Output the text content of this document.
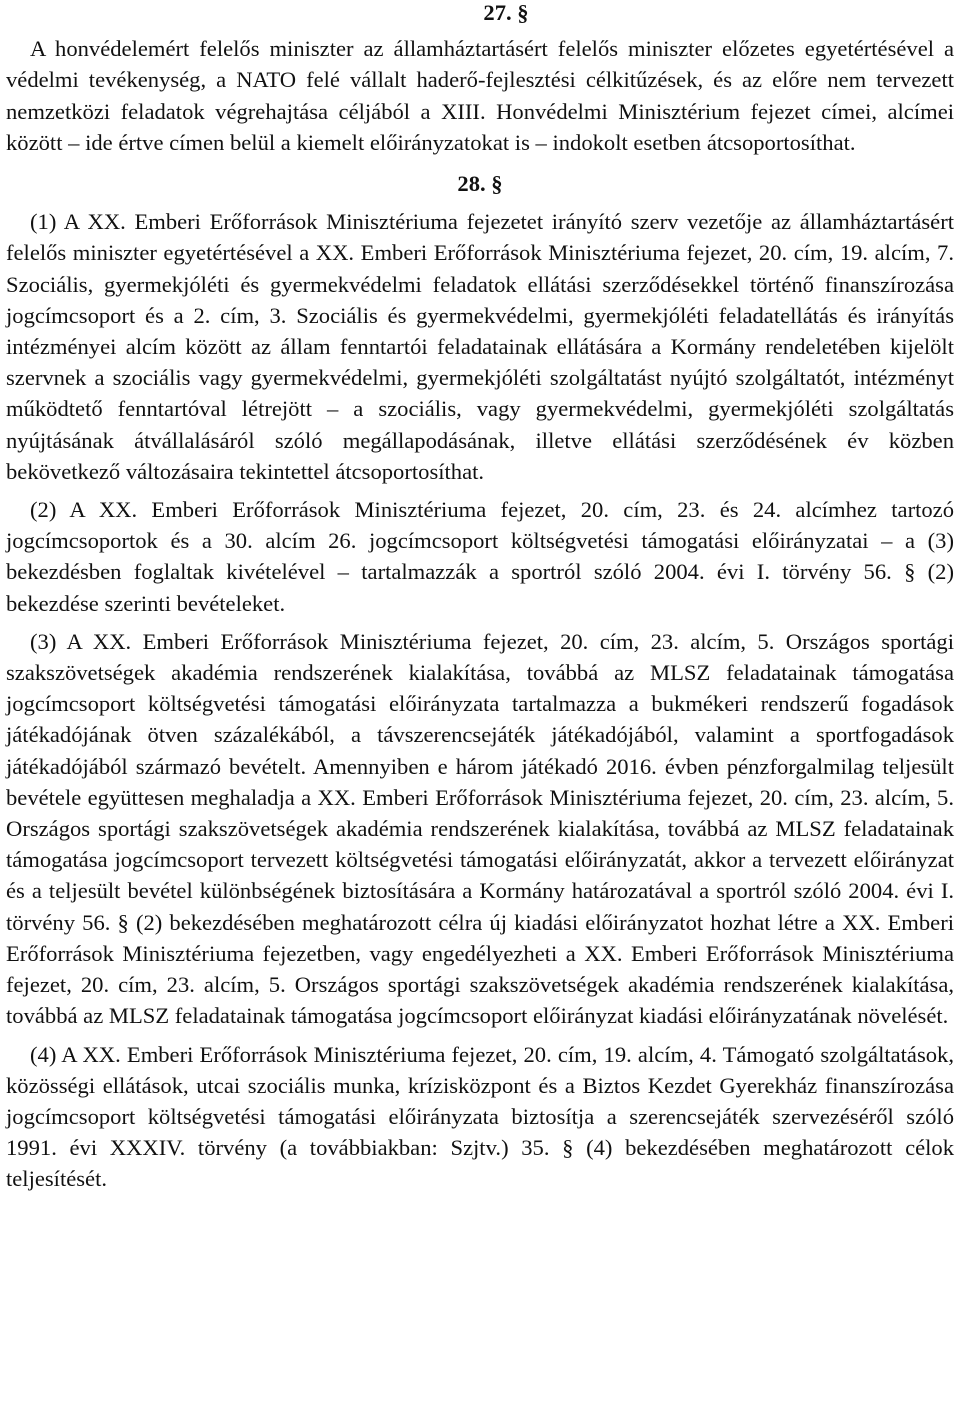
27. §

A honvédelemért felelős miniszter az államháztartásért felelős miniszter előzetes egyetértésével a védelmi tevékenység, a NATO felé vállalt haderő-fejlesztési célkitűzések, és az előre nem tervezett nemzetközi feladatok végrehajtása céljából a XIII. Honvédelmi Minisztérium fejezet címei, alcímei között – ide értve címen belül a kiemelt előirányzatokat is – indokolt esetben átcsoportosíthat.

28. §

(1) A XX. Emberi Erőforrások Minisztériuma fejezetet irányító szerv vezetője az államháztartásért felelős miniszter egyetértésével a XX. Emberi Erőforrások Minisztériuma fejezet, 20. cím, 19. alcím, 7. Szociális, gyermekjóléti és gyermekvédelmi feladatok ellátási szerződésekkel történő finanszírozása jogcímcsoport és a 2. cím, 3. Szociális és gyermekvédelmi, gyermekjóléti feladatellátás és irányítás intézményei alcím között az állam fenntartói feladatainak ellátására a Kormány rendeletében kijelölt szervnek a szociális vagy gyermekvédelmi, gyermekjóléti szolgáltatást nyújtó szolgáltatót, intézményt működtető fenntartóval létrejött – a szociális, vagy gyermekvédelmi, gyermekjóléti szolgáltatás nyújtásának átvállalásáról szóló megállapodásának, illetve ellátási szerződésének év közben bekövetkező változásaira tekintettel átcsoportosíthat.

(2) A XX. Emberi Erőforrások Minisztériuma fejezet, 20. cím, 23. és 24. alcímhez tartozó jogcímcsoportok és a 30. alcím 26. jogcímcsoport költségvetési támogatási előirányzatai – a (3) bekezdésben foglaltak kivételével – tartalmazzák a sportról szóló 2004. évi I. törvény 56. § (2) bekezdése szerinti bevételeket.

(3) A XX. Emberi Erőforrások Minisztériuma fejezet, 20. cím, 23. alcím, 5. Országos sportági szakszövetségek akadémia rendszerének kialakítása, továbbá az MLSZ feladatainak támogatása jogcímcsoport költségvetési támogatási előirányzata tartalmazza a bukmékeri rendszerű fogadások játékadójának ötven százalékából, a távszerencsejáték játékadójából, valamint a sportfogadások játékadójából származó bevételt. Amennyiben e három játékadó 2016. évben pénzforgalmilag teljesült bevétele együttesen meghaladja a XX. Emberi Erőforrások Minisztériuma fejezet, 20. cím, 23. alcím, 5. Országos sportági szakszövetségek akadémia rendszerének kialakítása, továbbá az MLSZ feladatainak támogatása jogcímcsoport tervezett költségvetési támogatási előirányzatát, akkor a tervezett előirányzat és a teljesült bevétel különbségének biztosítására a Kormány határozatával a sportról szóló 2004. évi I. törvény 56. § (2) bekezdésében meghatározott célra új kiadási előirányzatot hozhat létre a XX. Emberi Erőforrások Minisztériuma fejezetben, vagy engedélyezheti a XX. Emberi Erőforrások Minisztériuma fejezet, 20. cím, 23. alcím, 5. Országos sportági szakszövetségek akadémia rendszerének kialakítása, továbbá az MLSZ feladatainak támogatása jogcímcsoport előirányzat kiadási előirányzatának növelését.

(4) A XX. Emberi Erőforrások Minisztériuma fejezet, 20. cím, 19. alcím, 4. Támogató szolgáltatások, közösségi ellátások, utcai szociális munka, krízisközpont és a Biztos Kezdet Gyerekház finanszírozása jogcímcsoport költségvetési támogatási előirányzata biztosítja a szerencsejáték szervezéséről szóló 1991. évi XXXIV. törvény (a továbbiakban: Szjtv.) 35. § (4) bekezdésében meghatározott célok teljesítését.
